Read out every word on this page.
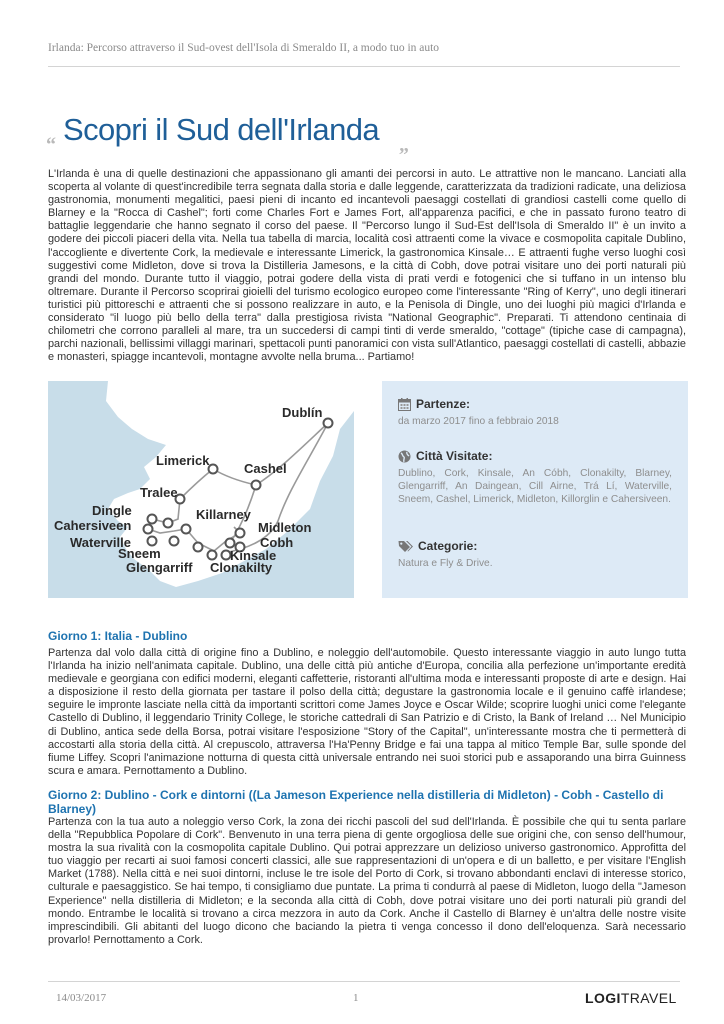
Irlanda: Percorso attraverso il Sud-ovest dell'Isola di Smeraldo II, a modo tuo in auto
“ Scopri il Sud dell'Irlanda „

L'Irlanda è una di quelle destinazioni che appassionano gli amanti dei percorsi in auto. Le attrattive non le mancano. Lanciati alla scoperta al volante di quest'incredibile terra segnata dalla storia e dalle leggende, caratterizzata da tradizioni radicate, una deliziosa gastronomia, monumenti megalitici, paesi pieni di incanto ed incantevoli paesaggi costellati di grandiosi castelli come quello di Blarney e la "Rocca di Cashel"; forti come Charles Fort e James Fort, all'apparenza pacifici, e che in passato furono teatro di battaglie leggendarie che hanno segnato il corso del paese. Il "Percorso lungo il Sud-Est dell'Isola di Smeraldo II" è un invito a godere dei piccoli piaceri della vita. Nella tua tabella di marcia, località così attraenti come la vivace e cosmopolita capitale Dublino, l'accogliente e divertente Cork, la medievale e interessante Limerick, la gastronomica Kinsale… E attraenti fughe verso luoghi così suggestivi come Midleton, dove si trova la Distilleria Jamesons, e la città di Cobh, dove potrai visitare uno dei porti naturali più grandi del mondo. Durante tutto il viaggio, potrai godere della vista di prati verdi e fotogenici che si tuffano in un intenso blu oltremare. Durante il Percorso scoprirai gioielli del turismo ecologico europeo come l'interessante "Ring of Kerry", uno degli itinerari turistici più pittoreschi e attraenti che si possono realizzare in auto, e la Penisola di Dingle, uno dei luoghi più magici d'Irlanda e considerato "il luogo più bello della terra" dalla prestigiosa rivista "National Geographic". Preparati. Ti attendono centinaia di chilometri che corrono paralleli al mare, tra un succedersi di campi tinti di verde smeraldo, "cottage" (tipiche case di campagna), parchi nazionali, bellissimi villaggi marinari, spettacoli punti panoramici con vista sull'Atlantico, paesaggi costellati di castelli, abbazie e monasteri, spiagge incantevoli, montagne avvolte nella bruma... Partiamo!

Dublín
Limerick
Cashel
Tralee
Dingle	Killarney
Cahersiveen	Midleton
Waterville	Cobh
Sneem	Kinsale
Glengarriff Clonakilty
Partenze:
da marzo 2017 fino a febbraio 2018
Città Visitate:
Dublino, Cork, Kinsale, An Cóbh, Clonakilty, Blarney, Glengarriff, An Daingean, Cill Airne, Trá Lí, Waterville, Sneem, Cashel, Limerick, Midleton, Killorglin e Cahersiveen.
Categorie:
Natura e Fly & Drive.
Giorno 1: Italia - Dublino

Partenza dal volo dalla città di origine fino a Dublino, e noleggio dell'automobile. Questo interessante viaggio in auto lungo tutta l'Irlanda ha inizio nell'animata capitale. Dublino, una delle città più antiche d'Europa, concilia alla perfezione un'importante eredità medievale e georgiana con edifici moderni, eleganti caffetterie, ristoranti all'ultima moda e interessanti proposte di arte e design. Hai a disposizione il resto della giornata per tastare il polso della città; degustare la gastronomia locale e il genuino caffè irlandese; seguire le impronte lasciate nella città da importanti scrittori come James Joyce e Oscar Wilde; scoprire luoghi unici come l'elegante Castello di Dublino, il leggendario Trinity College, le storiche cattedrali di San Patrizio e di Cristo, la Bank of Ireland … Nel Municipio di Dublino, antica sede della Borsa, potrai visitare l'esposizione "Story of the Capital", un'interessante mostra che ti permetterà di accostarti alla storia della città. Al crepuscolo, attraversa l'Ha'Penny Bridge e fai una tappa al mitico Temple Bar, sulle sponde del fiume Liffey. Scopri l'animazione notturna di questa città universale entrando nei suoi storici pub e assaporando una birra Guinness scura e amara. Pernottamento a Dublino.

Giorno 2: Dublino - Cork e dintorni ((La Jameson Experience nella distilleria di Midleton) - Cobh - Castello di Blarney)

Partenza con la tua auto a noleggio verso Cork, la zona dei ricchi pascoli del sud dell'Irlanda. È possibile che qui tu senta parlare della "Repubblica Popolare di Cork". Benvenuto in una terra piena di gente orgogliosa delle sue origini che, con senso dell'humour, mostra la sua rivalità con la cosmopolita capitale Dublino. Qui potrai apprezzare un delizioso universo gastronomico. Approfitta del tuo viaggio per recarti ai suoi famosi concerti classici, alle sue rappresentazioni di un'opera e di un balletto, e per visitare l'English Market (1788). Nella città e nei suoi dintorni, incluse le tre isole del Porto di Cork, si trovano abbondanti enclavi di interesse storico, culturale e paesaggistico. Se hai tempo, ti consigliamo due puntate. La prima ti condurrà al paese di Midleton, luogo della "Jameson Experience" nella distilleria di Midleton; e la seconda alla città di Cobh, dove potrai visitare uno dei porti naturali più grandi del mondo. Entrambe le località si trovano a circa mezzora in auto da Cork. Anche il Castello di Blarney è un'altra delle nostre visite imprescindibili. Gli abitanti del luogo dicono che baciando la pietra ti venga concesso il dono dell'eloquenza. Sarà necessario provarlo! Pernottamento a Cork.

14/03/2017	1	LOGITRAVEL
